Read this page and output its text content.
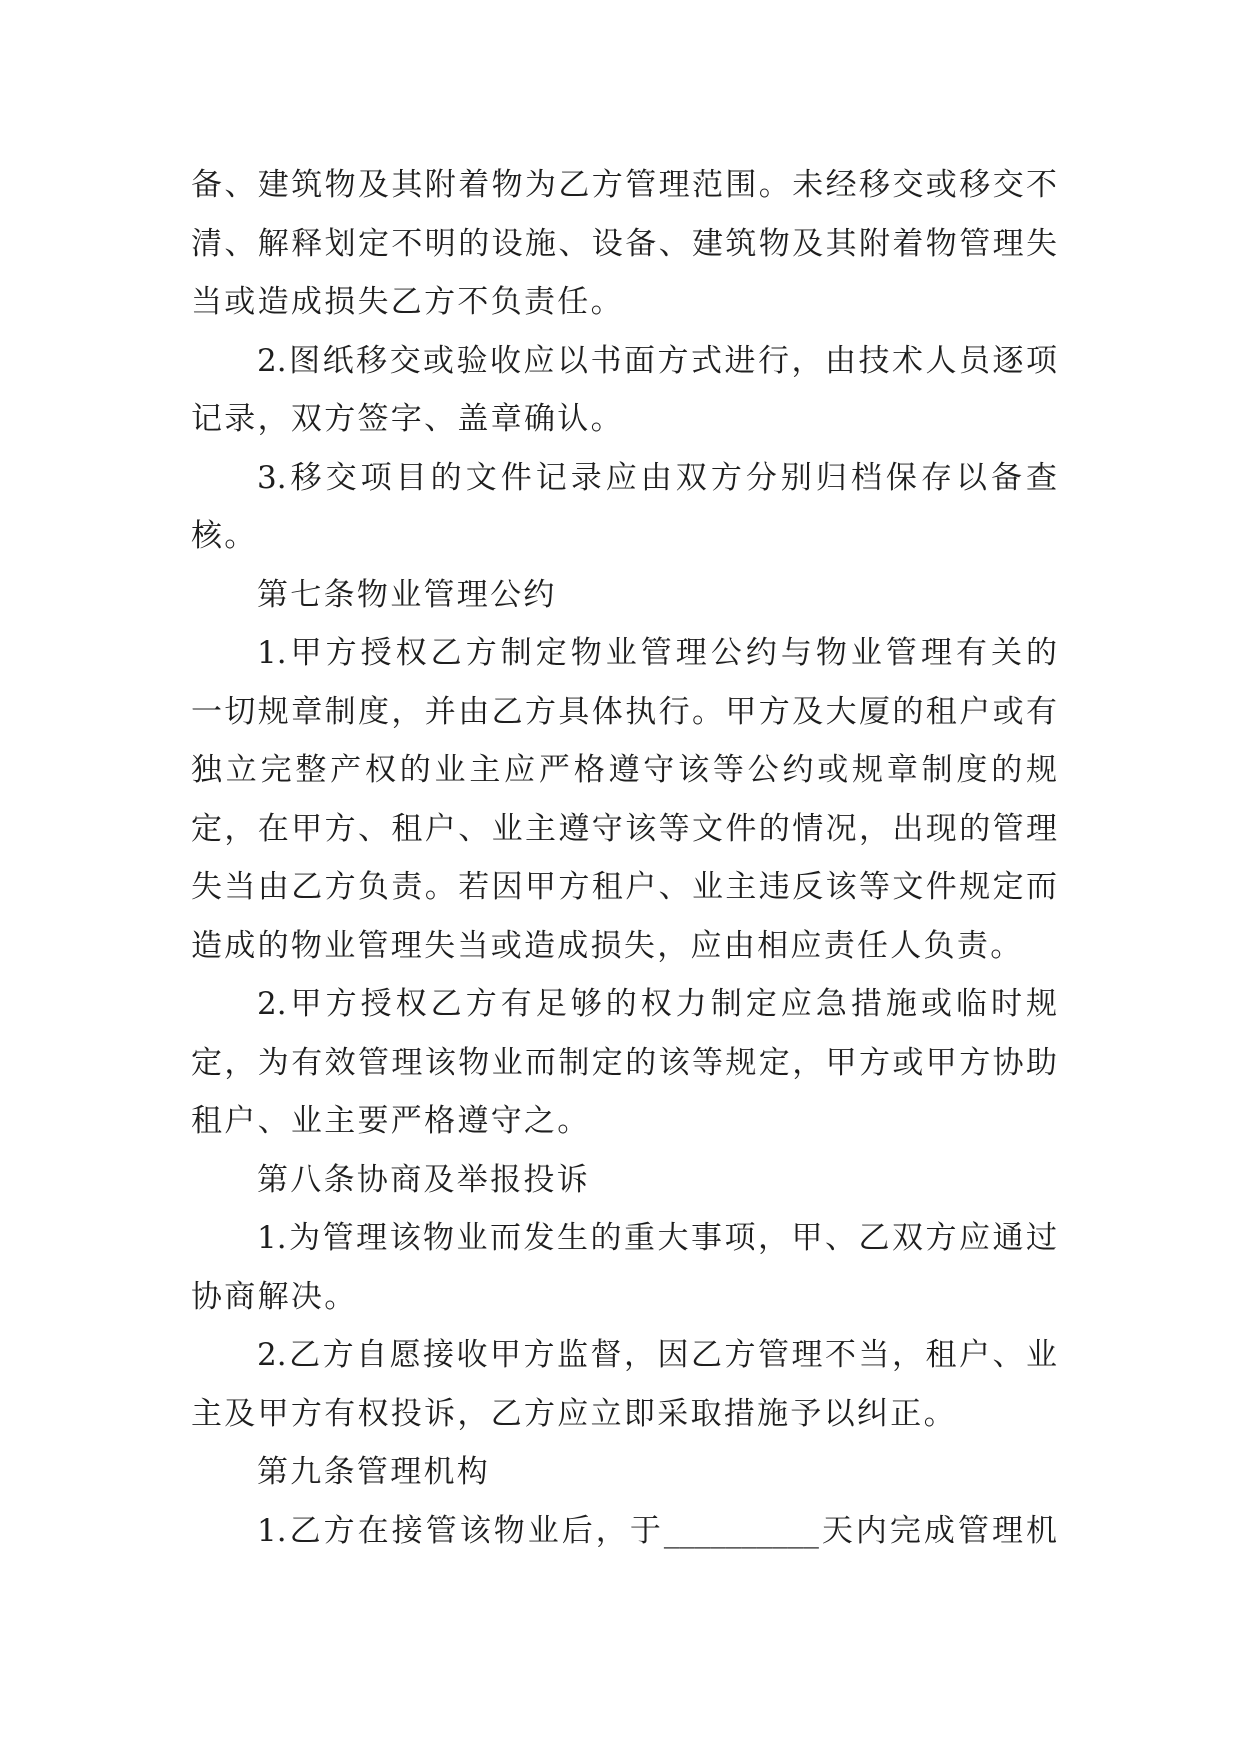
备、建筑物及其附着物为乙方管理范围。未经移交或移交不
清、解释划定不明的设施、设备、建筑物及其附着物管理失
当或造成损失乙方不负责任。
2.图纸移交或验收应以书面方式进行，由技术人员逐项
记录，双方签字、盖章确认。
3.移交项目的文件记录应由双方分别归档保存以备查
核。
第七条物业管理公约
1.甲方授权乙方制定物业管理公约与物业管理有关的
一切规章制度，并由乙方具体执行。甲方及大厦的租户或有
独立完整产权的业主应严格遵守该等公约或规章制度的规
定，在甲方、租户、业主遵守该等文件的情况，出现的管理
失当由乙方负责。若因甲方租户、业主违反该等文件规定而
造成的物业管理失当或造成损失，应由相应责任人负责。
2.甲方授权乙方有足够的权力制定应急措施或临时规
定，为有效管理该物业而制定的该等规定，甲方或甲方协助
租户、业主要严格遵守之。
第八条协商及举报投诉
1.为管理该物业而发生的重大事项，甲、乙双方应通过
协商解决。
2.乙方自愿接收甲方监督，因乙方管理不当，租户、业
主及甲方有权投诉，乙方应立即采取措施予以纠正。
第九条管理机构
1.乙方在接管该物业后，于__________天内完成管理机
